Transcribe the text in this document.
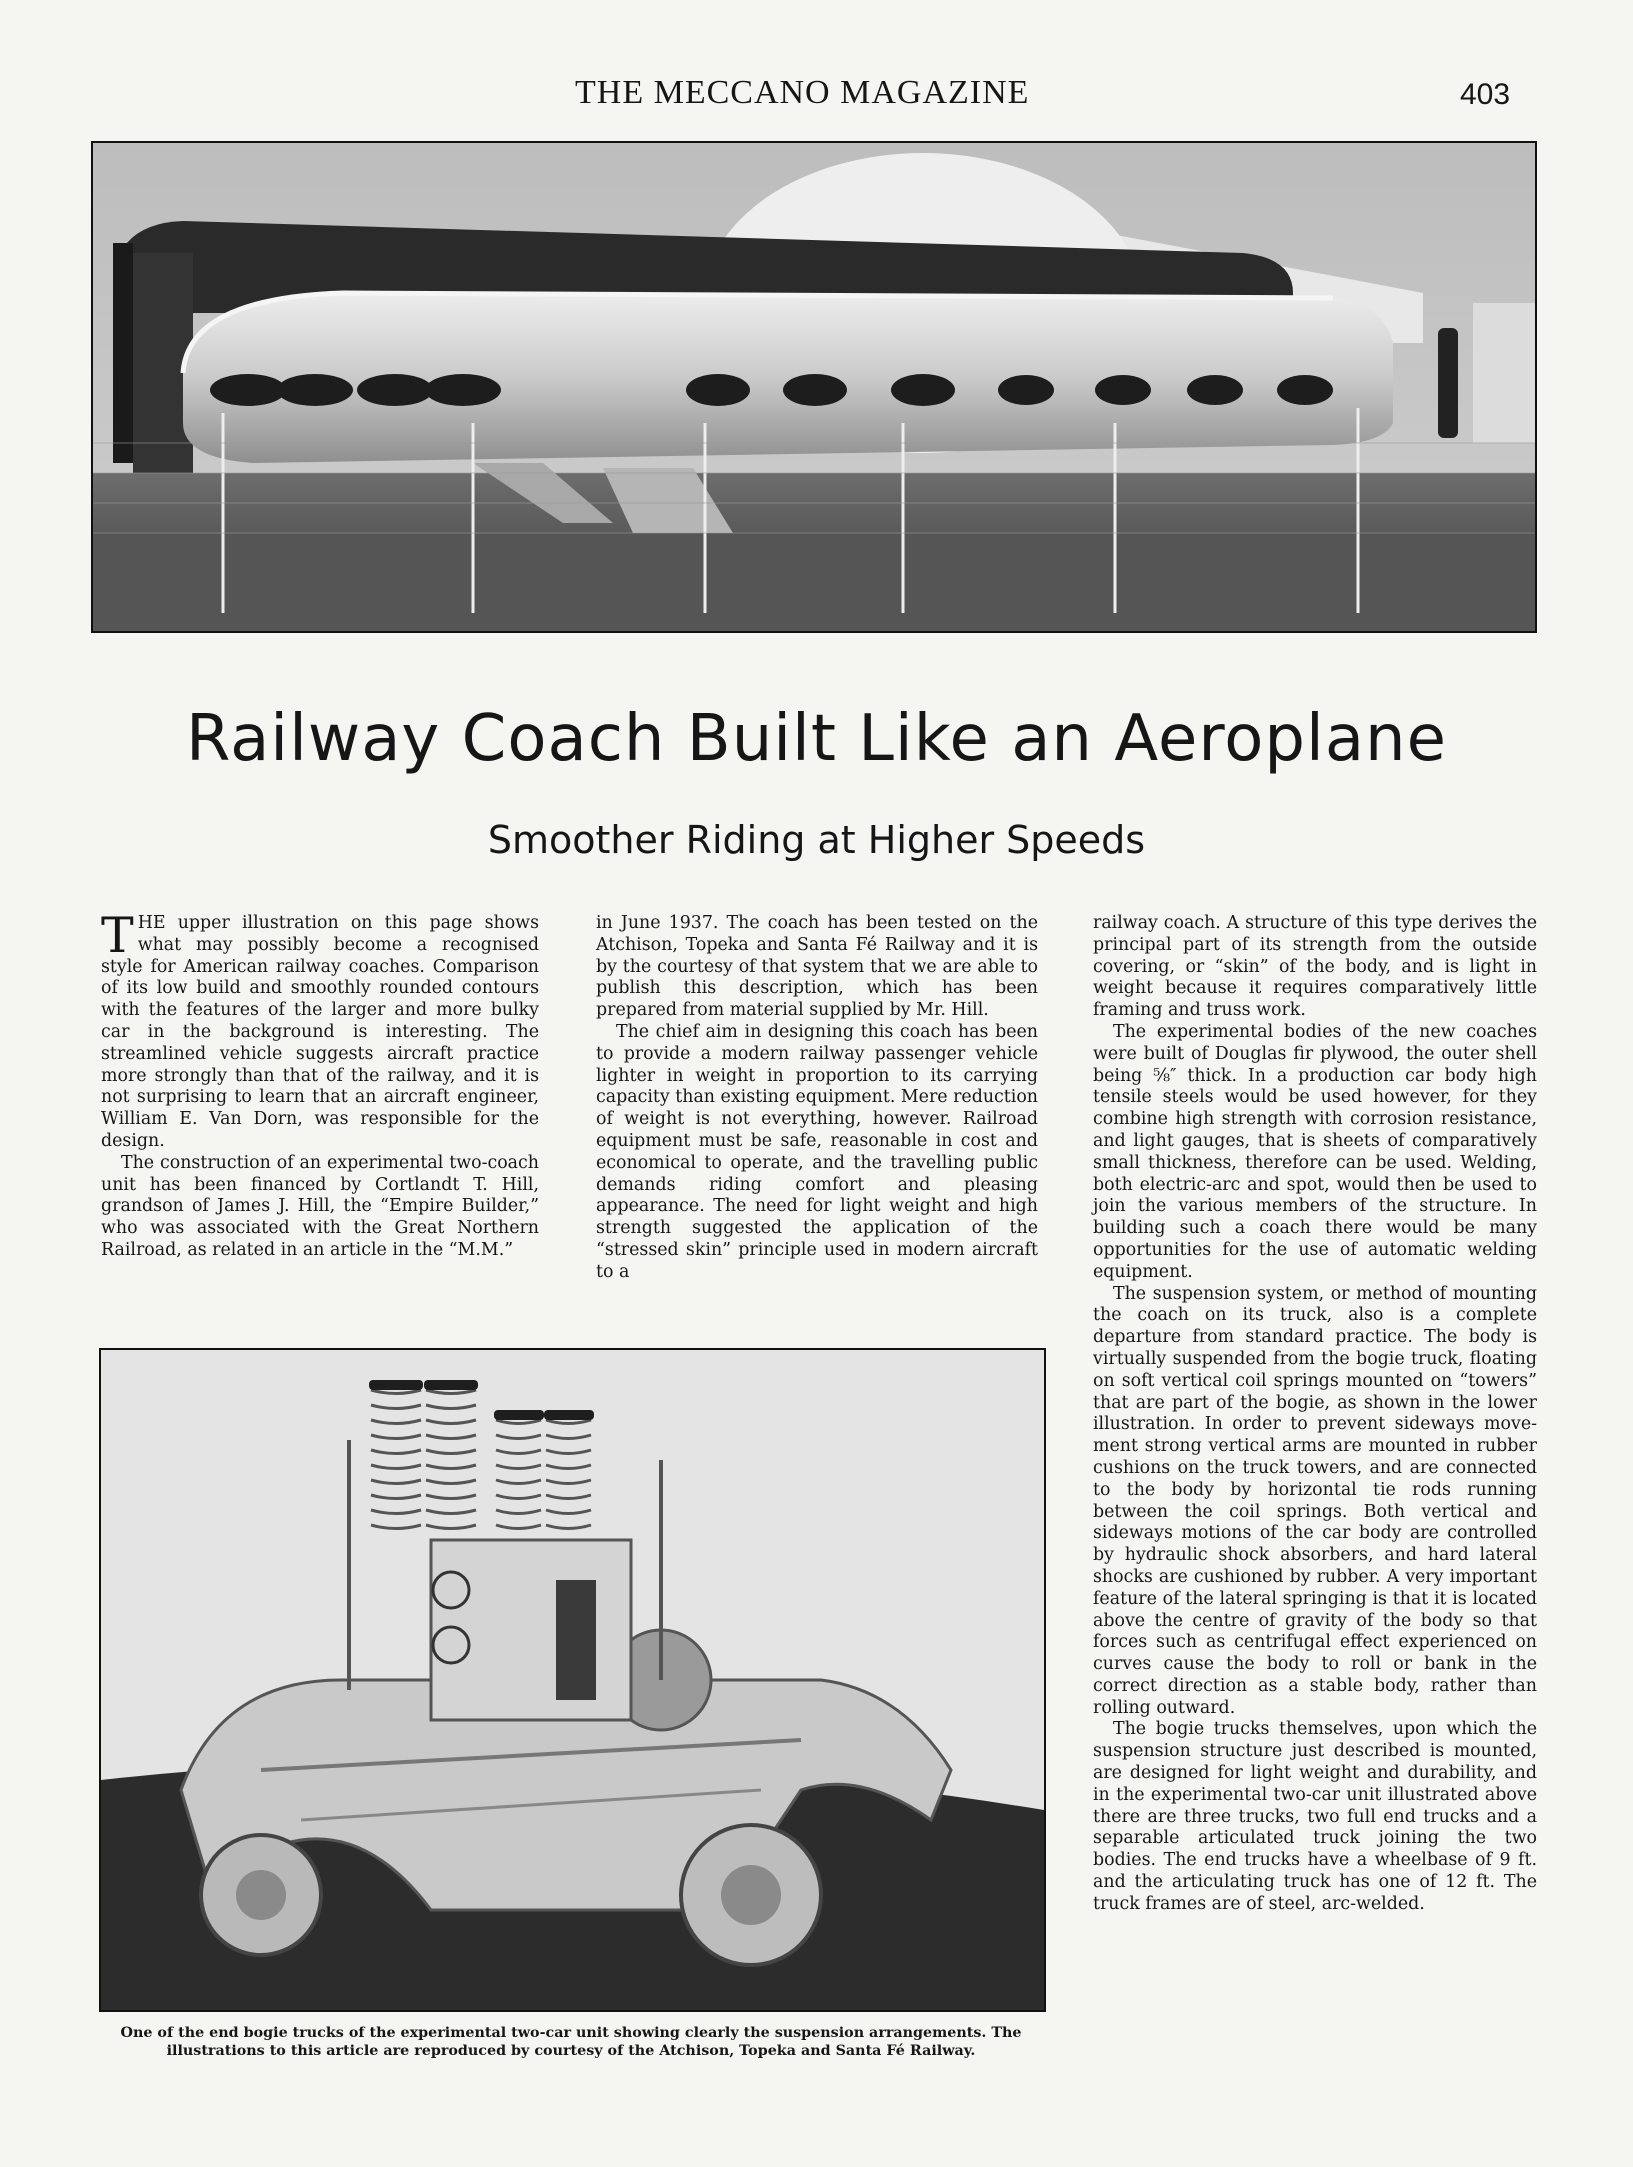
THE MECCANO MAGAZINE	403
Railway Coach Built Like an Aeroplane
Smoother Riding at Higher Speeds

THE upper illustration on this page shows what may possibly become a recognised style for American railway coaches. Comparison of its low build and smoothly rounded contours with the features of the larger and more bulky car in the background is interesting. The streamlined vehicle suggests aircraft practice more strongly than that of the railway, and it is not surprising to learn that an aircraft engineer, William E. Van Dorn, was responsible for the design.

The construction of an experimental two-coach unit has been financed by Cortlandt T. Hill, grandson of James J. Hill, the “Empire Builder,” who was associated with the Great Northern Railroad, as related in an article in the “M.M.”

in June 1937. The coach has been tested on the Atchison, Topeka and Santa Fé Railway and it is by the courtesy of that system that we are able to publish this description, which has been prepared from material supplied by Mr. Hill.

The chief aim in designing this coach has been to provide a modern railway passenger vehicle lighter in weight in proportion to its carrying capacity than existing equipment. Mere reduction of weight is not everything, however. Railroad equipment must be safe, reasonable in cost and economical to operate, and the travelling public demands riding comfort and pleasing appearance. The need for light weight and high strength suggested the application of the “stressed skin” principle used in modern aircraft to a

railway coach. A structure of this type derives the principal part of its strength from the outside covering, or “skin” of the body, and is light in weight because it requires comparatively little framing and truss work.

The experimental bodies of the new coaches were built of Douglas fir plywood, the outer shell being ⅝″ thick. In a production car body high tensile steels would be used however, for they combine high strength with corrosion resistance, and light gauges, that is sheets of comparatively small thickness, therefore can be used. Welding, both electric-arc and spot, would then be used to join the various members of the structure. In building such a coach there would be many opportunities for the use of automatic welding equipment.

The suspension system, or method of mounting the coach on its truck, also is a complete departure from standard practice. The body is virtually suspended from the bogie truck, floating on soft vertical coil springs mounted on “towers” that are part of the bogie, as shown in the lower illustration. In order to prevent sideways movement strong vertical arms are mounted in rubber cushions on the truck towers, and are connected to the body by horizontal tie rods running between the coil springs. Both vertical and sideways motions of the car body are controlled by hydraulic shock absorbers, and hard lateral shocks are cushioned by rubber. A very important feature of the lateral springing is that it is located above the centre of gravity of the body so that forces such as centrifugal effect experienced on curves cause the body to roll or bank in the correct direction as a stable body, rather than rolling outward.

The bogie trucks themselves, upon which the suspension structure just described is mounted, are designed for light weight and durability, and in the experimental two-car unit illustrated above there are three trucks, two full end trucks and a separable articulated truck joining the two bodies. The end trucks have a wheelbase of 9 ft. and the articulating truck has one of 12 ft. The truck frames are of steel, arc-welded.

One of the end bogie trucks of the experimental two-car unit showing clearly the suspension arrangements. The illustrations to this article are reproduced by courtesy of the Atchison, Topeka and Santa Fé Railway.
